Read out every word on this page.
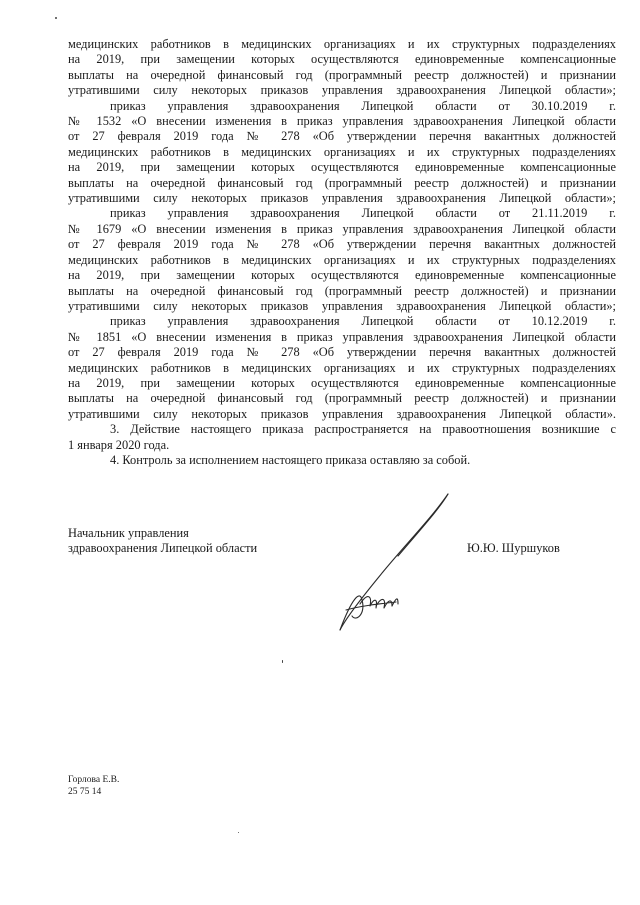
медицинских работников в медицинских организациях и их структурных подразделениях
на 2019, при замещении которых осуществляются единовременные компенсационные
выплаты на очередной финансовый год (программный реестр должностей) и признании
утратившими силу некоторых приказов управления здравоохранения Липецкой области»;

приказ управления здравоохранения Липецкой области от 30.10.2019 г.
№ 1532 «О внесении изменения в приказ управления здравоохранения Липецкой области
от 27 февраля 2019 года № 278 «Об утверждении перечня вакантных должностей
медицинских работников в медицинских организациях и их структурных подразделениях
на 2019, при замещении которых осуществляются единовременные компенсационные
выплаты на очередной финансовый год (программный реестр должностей) и признании
утратившими силу некоторых приказов управления здравоохранения Липецкой области»;

приказ управления здравоохранения Липецкой области от 21.11.2019 г.
№ 1679 «О внесении изменения в приказ управления здравоохранения Липецкой области
от 27 февраля 2019 года № 278 «Об утверждении перечня вакантных должностей
медицинских работников в медицинских организациях и их структурных подразделениях
на 2019, при замещении которых осуществляются единовременные компенсационные
выплаты на очередной финансовый год (программный реестр должностей) и признании
утратившими силу некоторых приказов управления здравоохранения Липецкой области»;

приказ управления здравоохранения Липецкой области от 10.12.2019 г.
№ 1851 «О внесении изменения в приказ управления здравоохранения Липецкой области
от 27 февраля 2019 года № 278 «Об утверждении перечня вакантных должностей
медицинских работников в медицинских организациях и их структурных подразделениях
на 2019, при замещении которых осуществляются единовременные компенсационные
выплаты на очередной финансовый год (программный реестр должностей) и признании
утратившими силу некоторых приказов управления здравоохранения Липецкой области».

3. Действие настоящего приказа распространяется на правоотношения возникшие с
1 января 2020 года.

4. Контроль за исполнением настоящего приказа оставляю за собой.

Начальник управления
здравоохранения Липецкой области	Ю.Ю. Шуршуков
Горлова Е.В.
25 75 14
